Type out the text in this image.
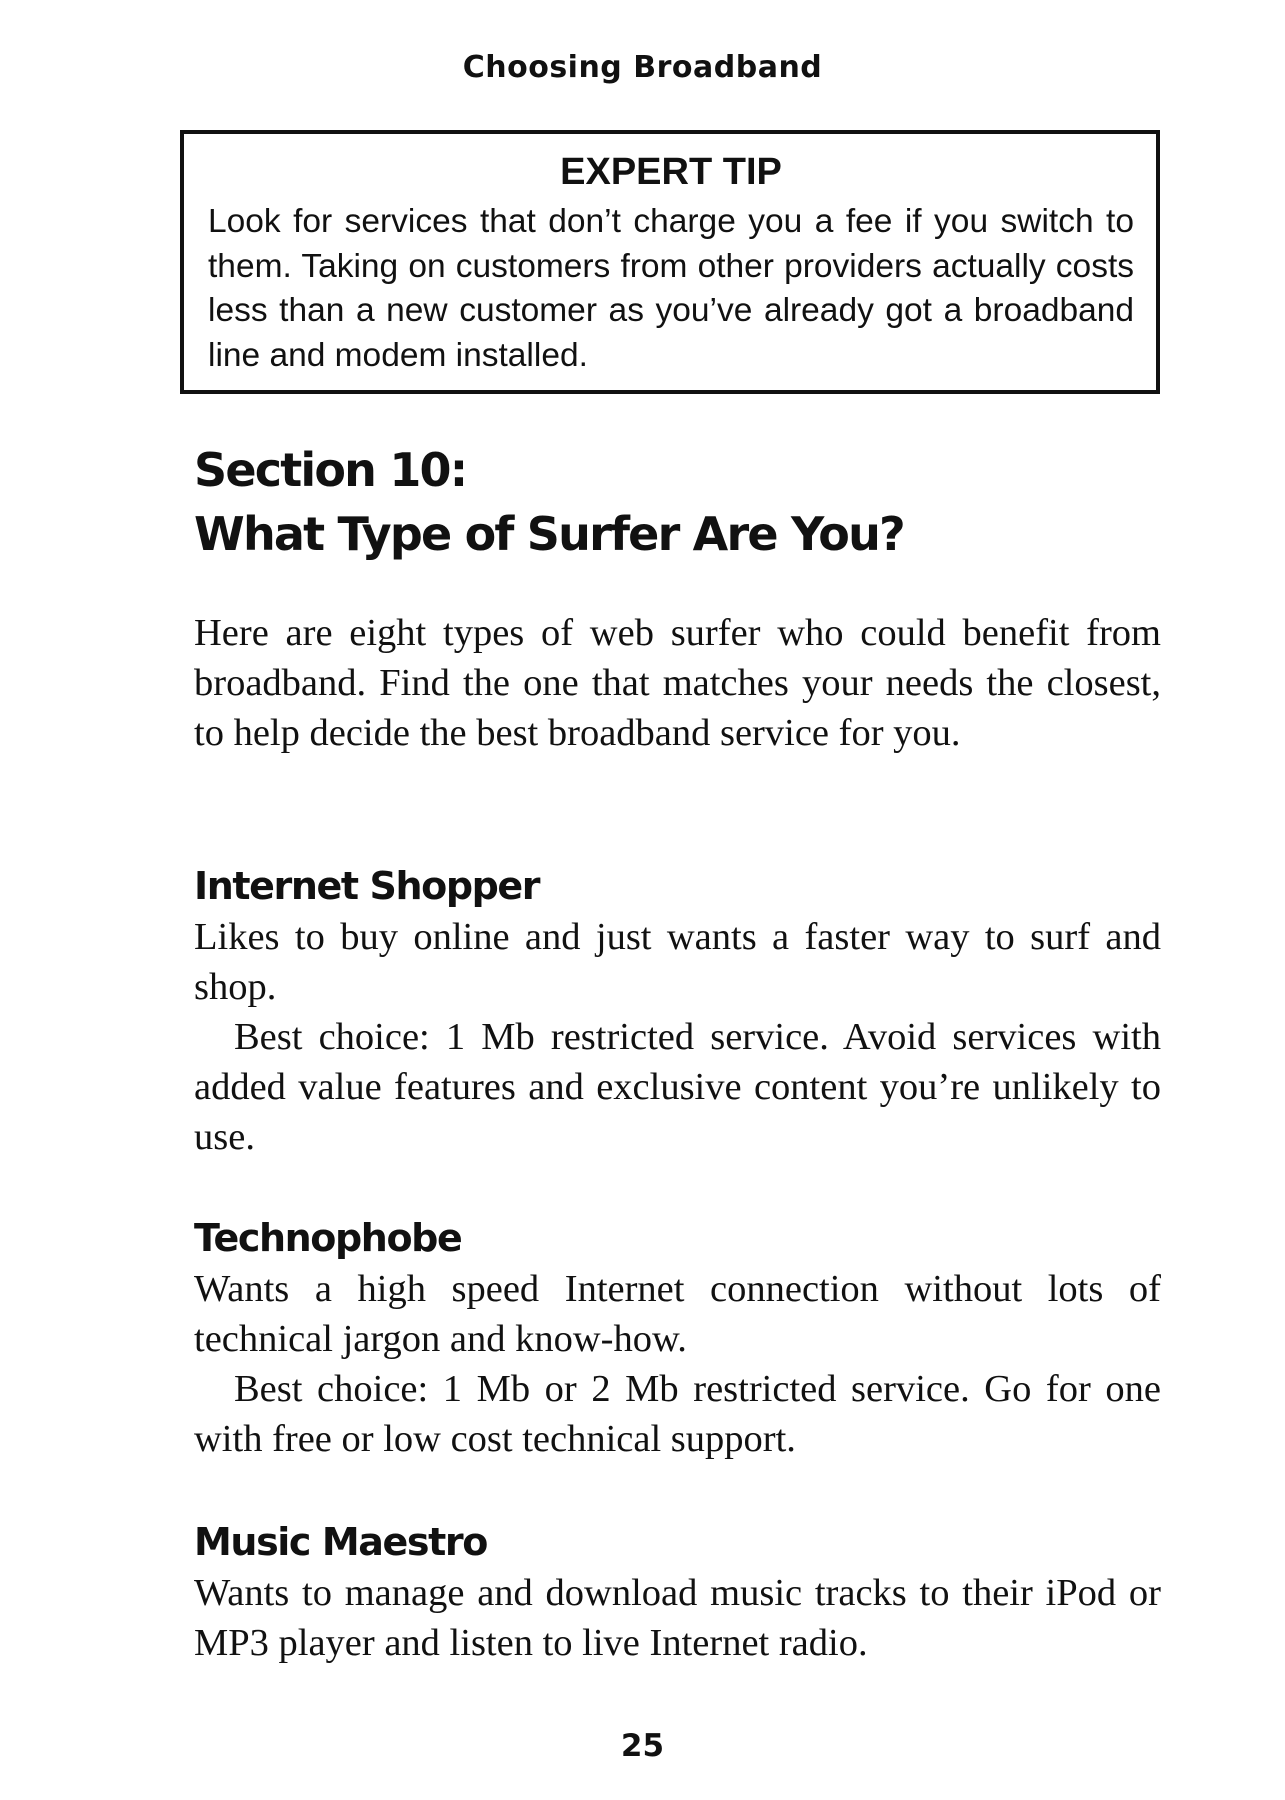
Choosing Broadband

EXPERT TIP

Look for services that don’t charge you a fee if you switch to them. Taking on customers from other providers actually costs less than a new customer as you’ve already got a broadband line and modem installed.

Section 10:
What Type of Surfer Are You?

Here are eight types of web surfer who could benefit from broadband. Find the one that matches your needs the closest, to help decide the best broadband service for you.

Internet Shopper

Likes to buy online and just wants a faster way to surf and shop.

Best choice: 1 Mb restricted service. Avoid services with added value features and exclusive content you’re unlikely to use.

Technophobe

Wants a high speed Internet connection without lots of technical jargon and know-how.

Best choice: 1 Mb or 2 Mb restricted service. Go for one with free or low cost technical support.

Music Maestro

Wants to manage and download music tracks to their iPod or MP3 player and listen to live Internet radio.

25
